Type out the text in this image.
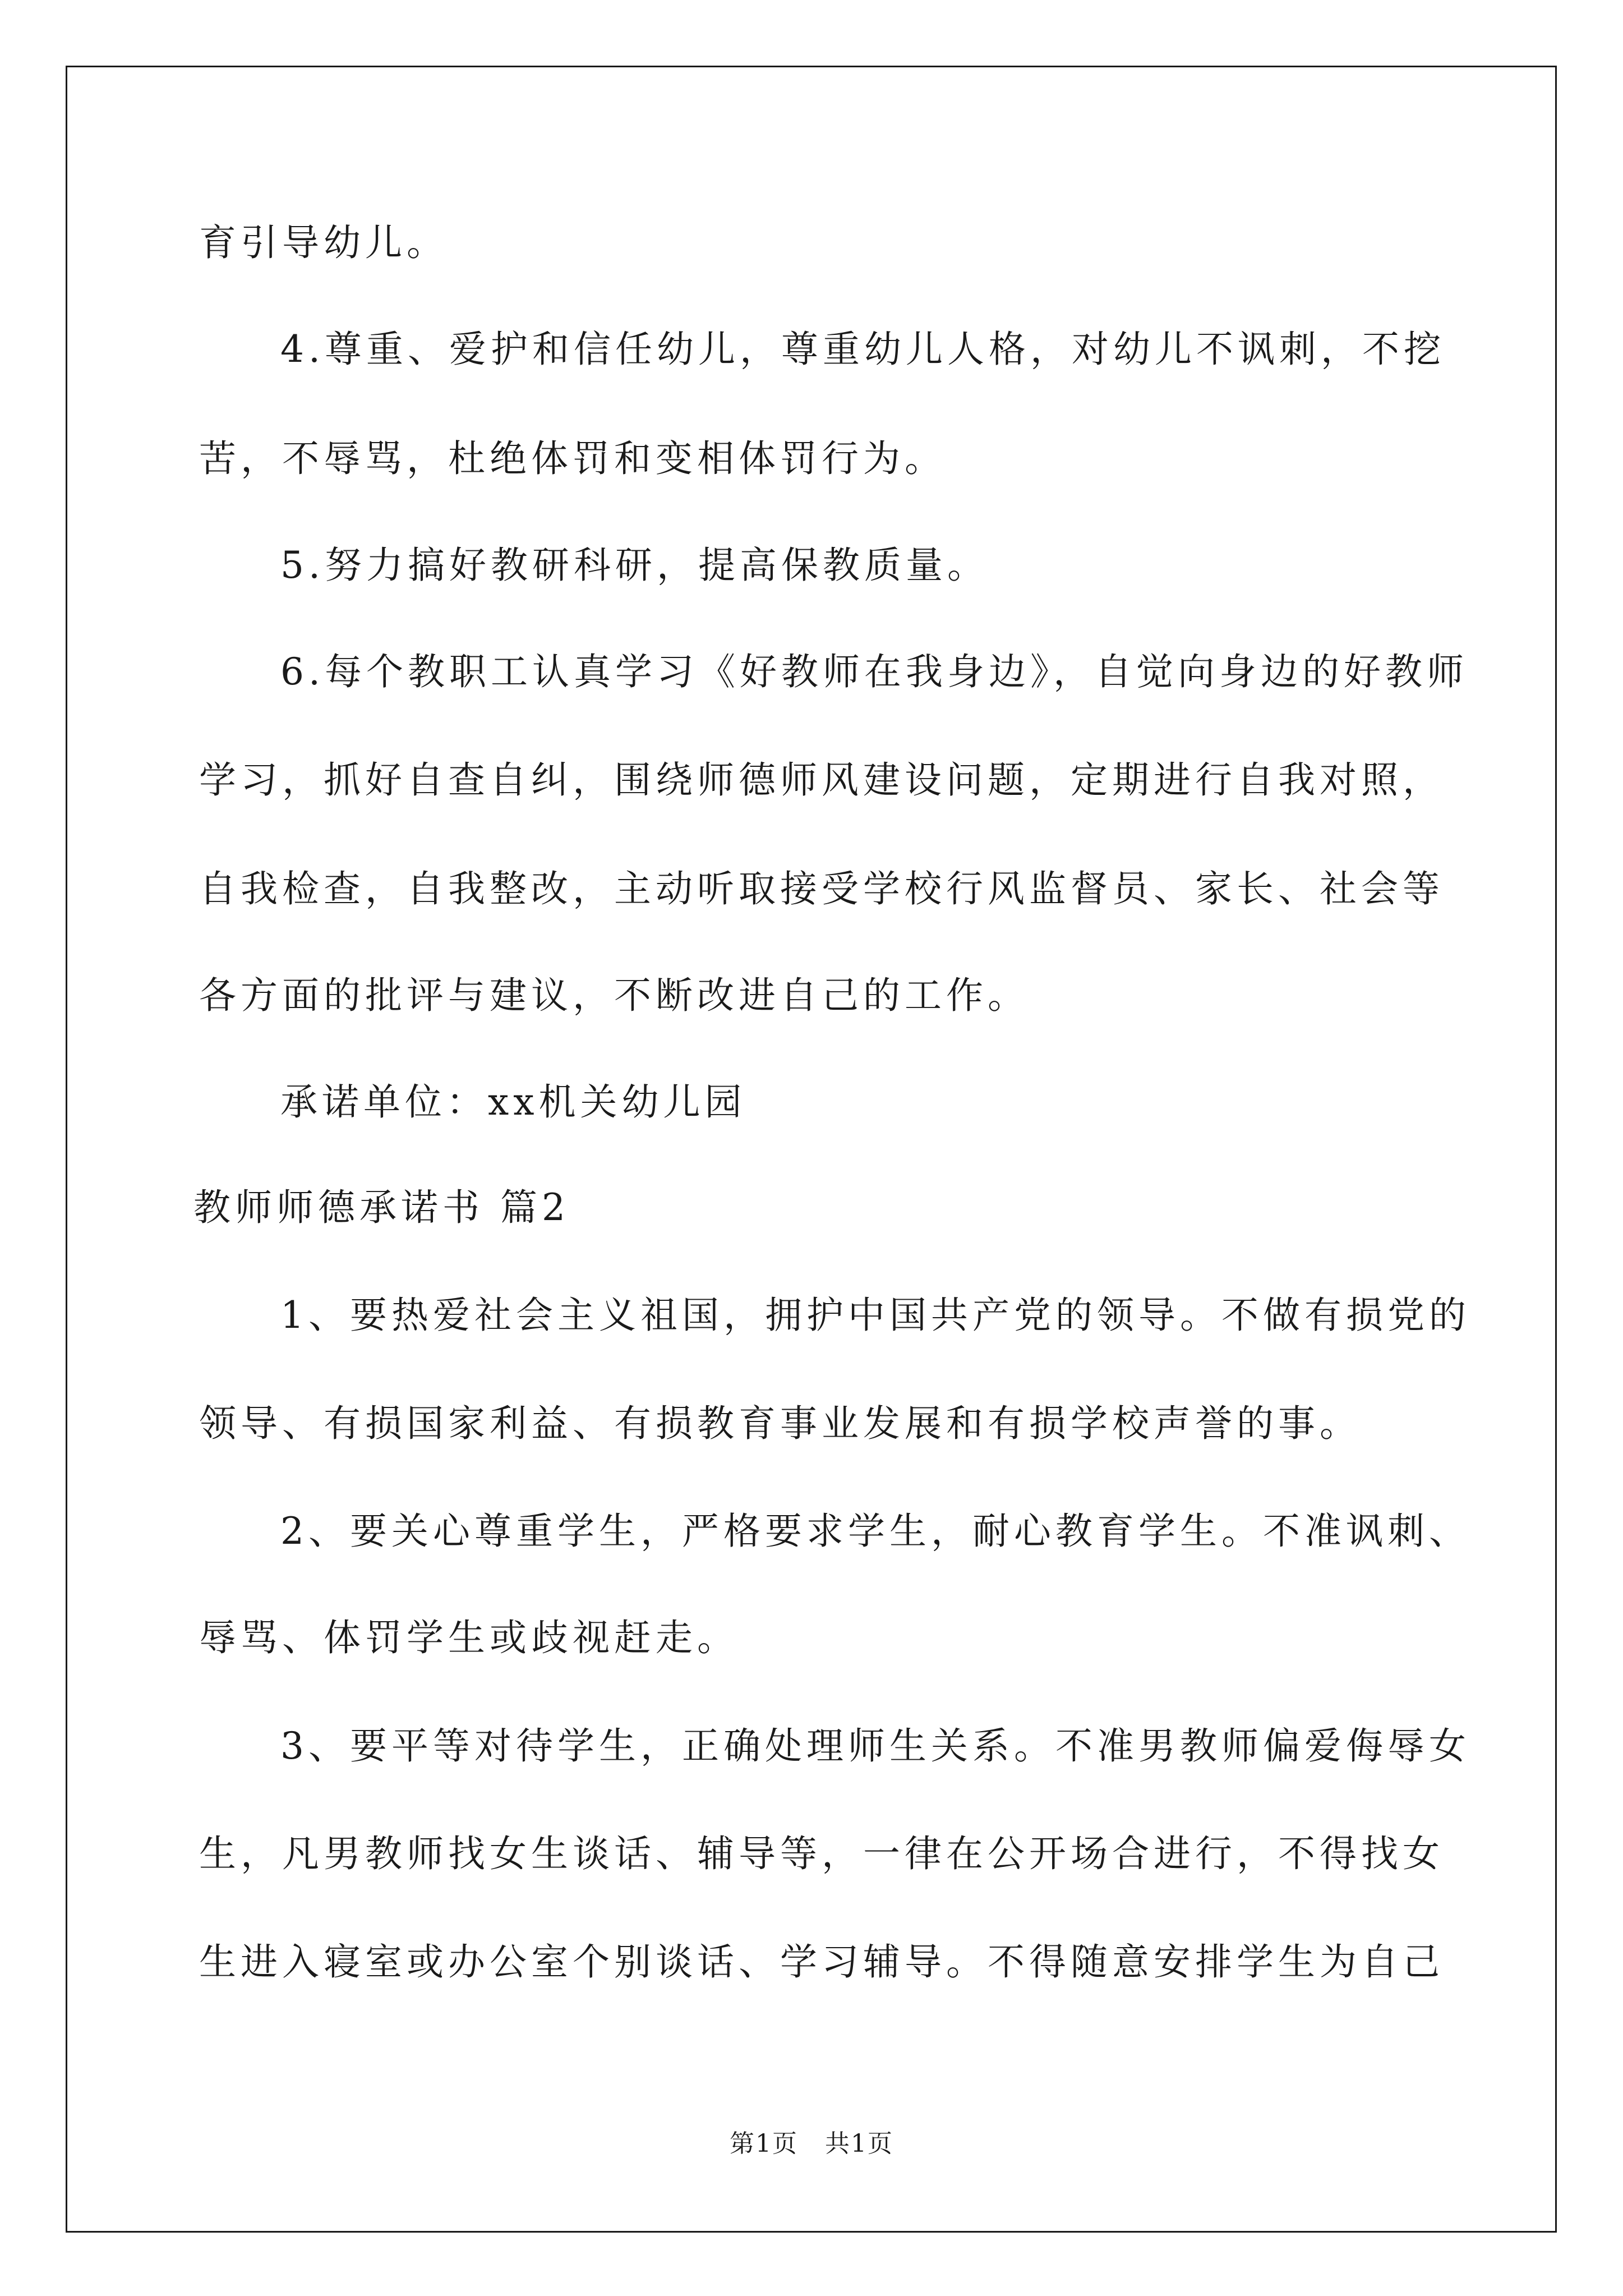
育引导幼儿。
4.尊重、爱护和信任幼儿，尊重幼儿人格，对幼儿不讽刺，不挖
苦，不辱骂，杜绝体罚和变相体罚行为。
5.努力搞好教研科研，提高保教质量。
6.每个教职工认真学习《好教师在我身边》，自觉向身边的好教师
学习，抓好自查自纠，围绕师德师风建设问题，定期进行自我对照，
自我检查，自我整改，主动听取接受学校行风监督员、家长、社会等
各方面的批评与建议，不断改进自己的工作。
承诺单位：xx机关幼儿园
教师师德承诺书 篇2
1、要热爱社会主义祖国，拥护中国共产党的领导。不做有损党的
领导、有损国家利益、有损教育事业发展和有损学校声誉的事。
2、要关心尊重学生，严格要求学生，耐心教育学生。不准讽刺、
辱骂、体罚学生或歧视赶走。
3、要平等对待学生，正确处理师生关系。不准男教师偏爱侮辱女
生，凡男教师找女生谈话、辅导等，一律在公开场合进行，不得找女
生进入寝室或办公室个别谈话、学习辅导。不得随意安排学生为自己
第1页   共1页
